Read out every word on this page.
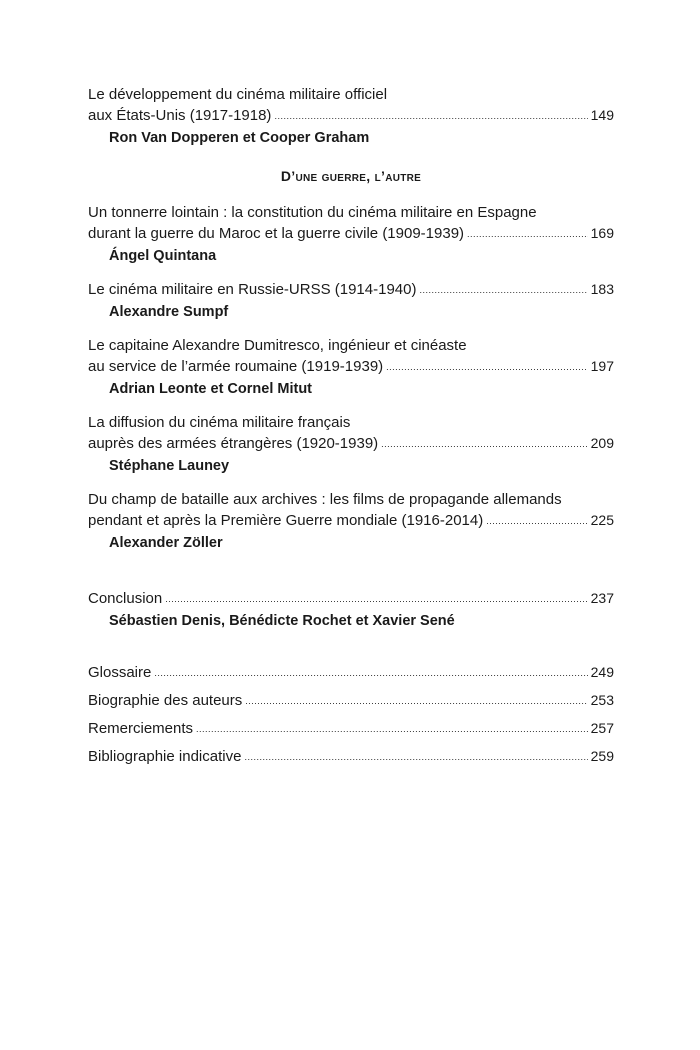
Le développement du cinéma militaire officiel
aux États-Unis (1917-1918) .....	149
Ron Van Dopperen et Cooper Graham
D’une guerre, l’autre
Un tonnerre lointain : la constitution du cinéma militaire en Espagne
durant la guerre du Maroc et la guerre civile (1909-1939) .....	169
Ángel Quintana
Le cinéma militaire en Russie-URSS (1914-1940) .....	183
Alexandre Sumpf
Le capitaine Alexandre Dumitresco, ingénieur et cinéaste
au service de l’armée roumaine (1919-1939) .....	197
Adrian Leonte et Cornel Mitut
La diffusion du cinéma militaire français
auprès des armées étrangères (1920-1939) .....	209
Stéphane Launey
Du champ de bataille aux archives : les films de propagande allemands
pendant et après la Première Guerre mondiale (1916-2014) .....	225
Alexander Zöller
Conclusion .....	237
Sébastien Denis, Bénédicte Rochet et Xavier Sené
Glossaire .....	249
Biographie des auteurs .....	253
Remerciements .....	257
Bibliographie indicative .....	259
